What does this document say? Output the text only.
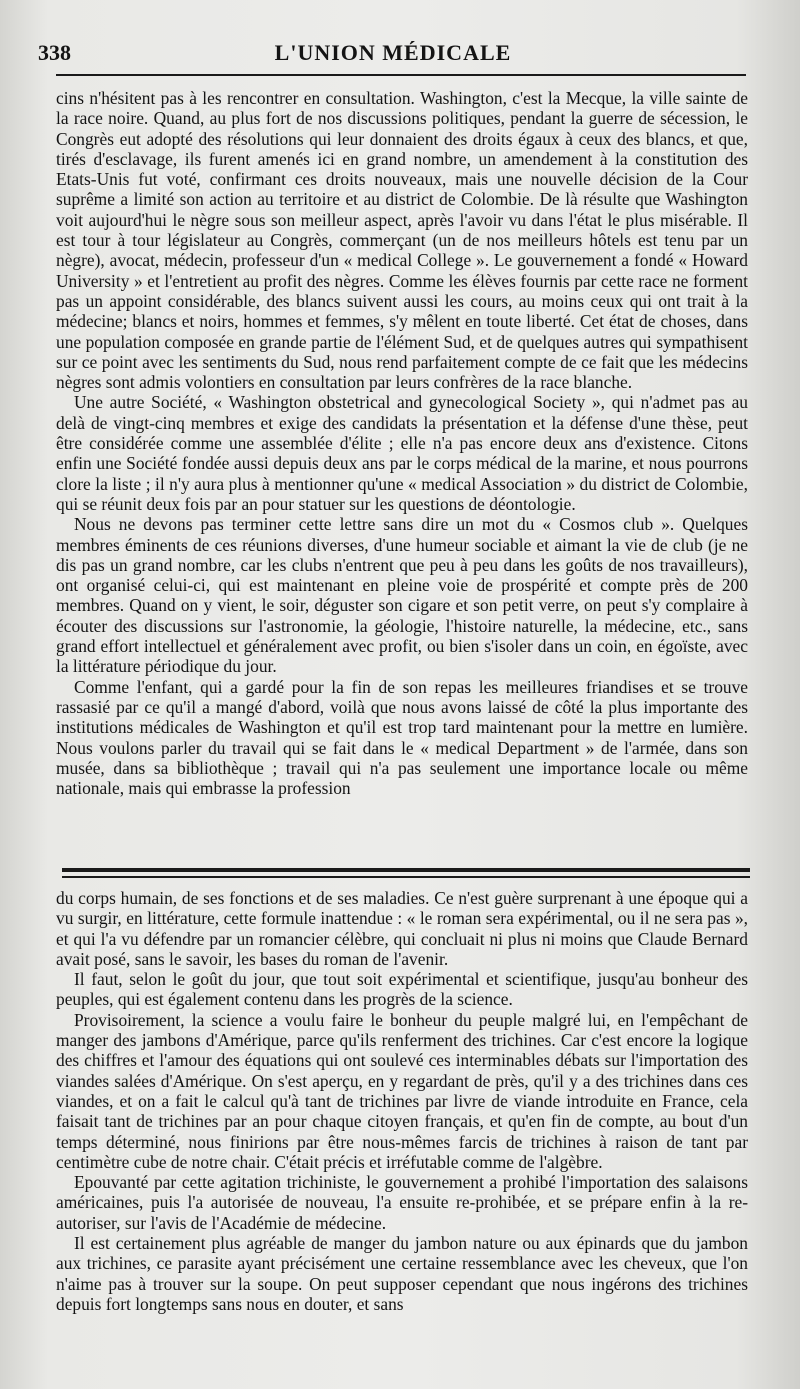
338	L'UNION MÉDICALE

cins n'hésitent pas à les rencontrer en consultation. Washington, c'est la Mecque, la ville sainte de la race noire. Quand, au plus fort de nos discussions politiques, pendant la guerre de sécession, le Congrès eut adopté des résolutions qui leur donnaient des droits égaux à ceux des blancs, et que, tirés d'esclavage, ils furent amenés ici en grand nombre, un amendement à la constitution des Etats-Unis fut voté, confirmant ces droits nouveaux, mais une nouvelle décision de la Cour suprême a limité son action au territoire et au district de Colombie. De là résulte que Washington voit aujourd'hui le nègre sous son meilleur aspect, après l'avoir vu dans l'état le plus misérable. Il est tour à tour législateur au Congrès, commerçant (un de nos meilleurs hôtels est tenu par un nègre), avocat, médecin, professeur d'un « medical College ». Le gouvernement a fondé « Howard University » et l'entretient au profit des nègres. Comme les élèves fournis par cette race ne forment pas un appoint considérable, des blancs suivent aussi les cours, au moins ceux qui ont trait à la médecine; blancs et noirs, hommes et femmes, s'y mêlent en toute liberté. Cet état de choses, dans une population composée en grande partie de l'élément Sud, et de quelques autres qui sympathisent sur ce point avec les sentiments du Sud, nous rend parfaitement compte de ce fait que les médecins nègres sont admis volontiers en consultation par leurs confrères de la race blanche.

Une autre Société, « Washington obstetrical and gynecological Society », qui n'admet pas au delà de vingt-cinq membres et exige des candidats la présentation et la défense d'une thèse, peut être considérée comme une assemblée d'élite ; elle n'a pas encore deux ans d'existence. Citons enfin une Société fondée aussi depuis deux ans par le corps médical de la marine, et nous pourrons clore la liste ; il n'y aura plus à mentionner qu'une « medical Association » du district de Colombie, qui se réunit deux fois par an pour statuer sur les questions de déontologie.

Nous ne devons pas terminer cette lettre sans dire un mot du « Cosmos club ». Quelques membres éminents de ces réunions diverses, d'une humeur sociable et aimant la vie de club (je ne dis pas un grand nombre, car les clubs n'entrent que peu à peu dans les goûts de nos travailleurs), ont organisé celui-ci, qui est maintenant en pleine voie de prospérité et compte près de 200 membres. Quand on y vient, le soir, déguster son cigare et son petit verre, on peut s'y complaire à écouter des discussions sur l'astronomie, la géologie, l'histoire naturelle, la médecine, etc., sans grand effort intellectuel et généralement avec profit, ou bien s'isoler dans un coin, en égoïste, avec la littérature périodique du jour.

Comme l'enfant, qui a gardé pour la fin de son repas les meilleures friandises et se trouve rassasié par ce qu'il a mangé d'abord, voilà que nous avons laissé de côté la plus importante des institutions médicales de Washington et qu'il est trop tard maintenant pour la mettre en lumière. Nous voulons parler du travail qui se fait dans le « medical Department » de l'armée, dans son musée, dans sa bibliothèque ; travail qui n'a pas seulement une importance locale ou même nationale, mais qui embrasse la profession

du corps humain, de ses fonctions et de ses maladies. Ce n'est guère surprenant à une époque qui a vu surgir, en littérature, cette formule inattendue : « le roman sera expérimental, ou il ne sera pas », et qui l'a vu défendre par un romancier célèbre, qui concluait ni plus ni moins que Claude Bernard avait posé, sans le savoir, les bases du roman de l'avenir.

Il faut, selon le goût du jour, que tout soit expérimental et scientifique, jusqu'au bonheur des peuples, qui est également contenu dans les progrès de la science.

Provisoirement, la science a voulu faire le bonheur du peuple malgré lui, en l'empêchant de manger des jambons d'Amérique, parce qu'ils renferment des trichines. Car c'est encore la logique des chiffres et l'amour des équations qui ont soulevé ces interminables débats sur l'importation des viandes salées d'Amérique. On s'est aperçu, en y regardant de près, qu'il y a des trichines dans ces viandes, et on a fait le calcul qu'à tant de trichines par livre de viande introduite en France, cela faisait tant de trichines par an pour chaque citoyen français, et qu'en fin de compte, au bout d'un temps déterminé, nous finirions par être nous-mêmes farcis de trichines à raison de tant par centimètre cube de notre chair. C'était précis et irréfutable comme de l'algèbre.

Epouvanté par cette agitation trichiniste, le gouvernement a prohibé l'importation des salaisons américaines, puis l'a autorisée de nouveau, l'a ensuite re-prohibée, et se prépare enfin à la re-autoriser, sur l'avis de l'Académie de médecine.

Il est certainement plus agréable de manger du jambon nature ou aux épinards que du jambon aux trichines, ce parasite ayant précisément une certaine ressemblance avec les cheveux, que l'on n'aime pas à trouver sur la soupe. On peut supposer cependant que nous ingérons des trichines depuis fort longtemps sans nous en douter, et sans
